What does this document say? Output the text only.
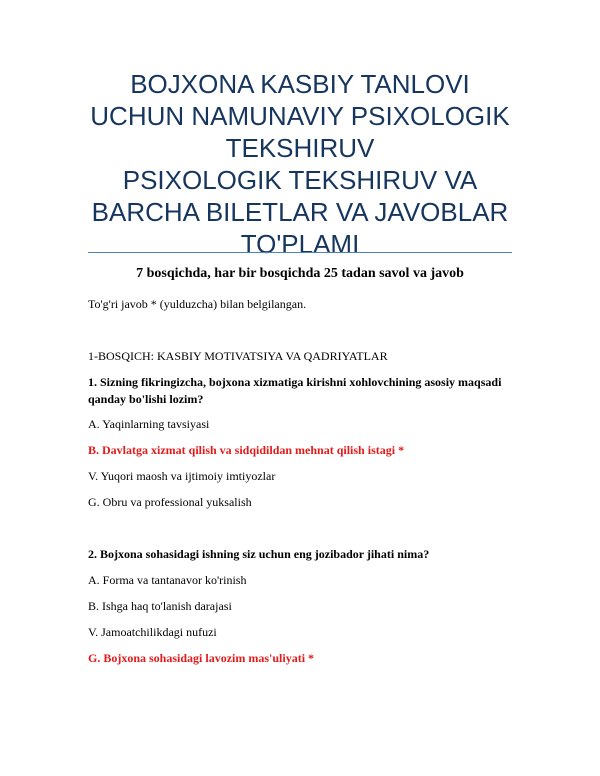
BOJXONA KASBIY TANLOVI
UCHUN NAMUNAVIY PSIXOLOGIK
TEKSHIRUV
PSIXOLOGIK TEKSHIRUV VA
BARCHA BILETLAR VA JAVOBLAR
TO'PLAMI
7 bosqichda, har bir bosqichda 25 tadan savol va javob
To'g'ri javob * (yulduzcha) bilan belgilangan.
1-BOSQICH: KASBIY MOTIVATSIYA VA QADRIYATLAR
1. Sizning fikringizcha, bojxona xizmatiga kirishni xohlovchining asosiy maqsadi qanday bo'lishi lozim?
A. Yaqinlarning tavsiyasi
B. Davlatga xizmat qilish va sidqidildan mehnat qilish istagi *
V. Yuqori maosh va ijtimoiy imtiyozlar
G. Obru va professional yuksalish
2. Bojxona sohasidagi ishning siz uchun eng jozibador jihati nima?
A. Forma va tantanavor ko'rinish
B. Ishga haq to'lanish darajasi
V. Jamoatchilikdagi nufuzi
G. Bojxona sohasidagi lavozim mas'uliyati *
